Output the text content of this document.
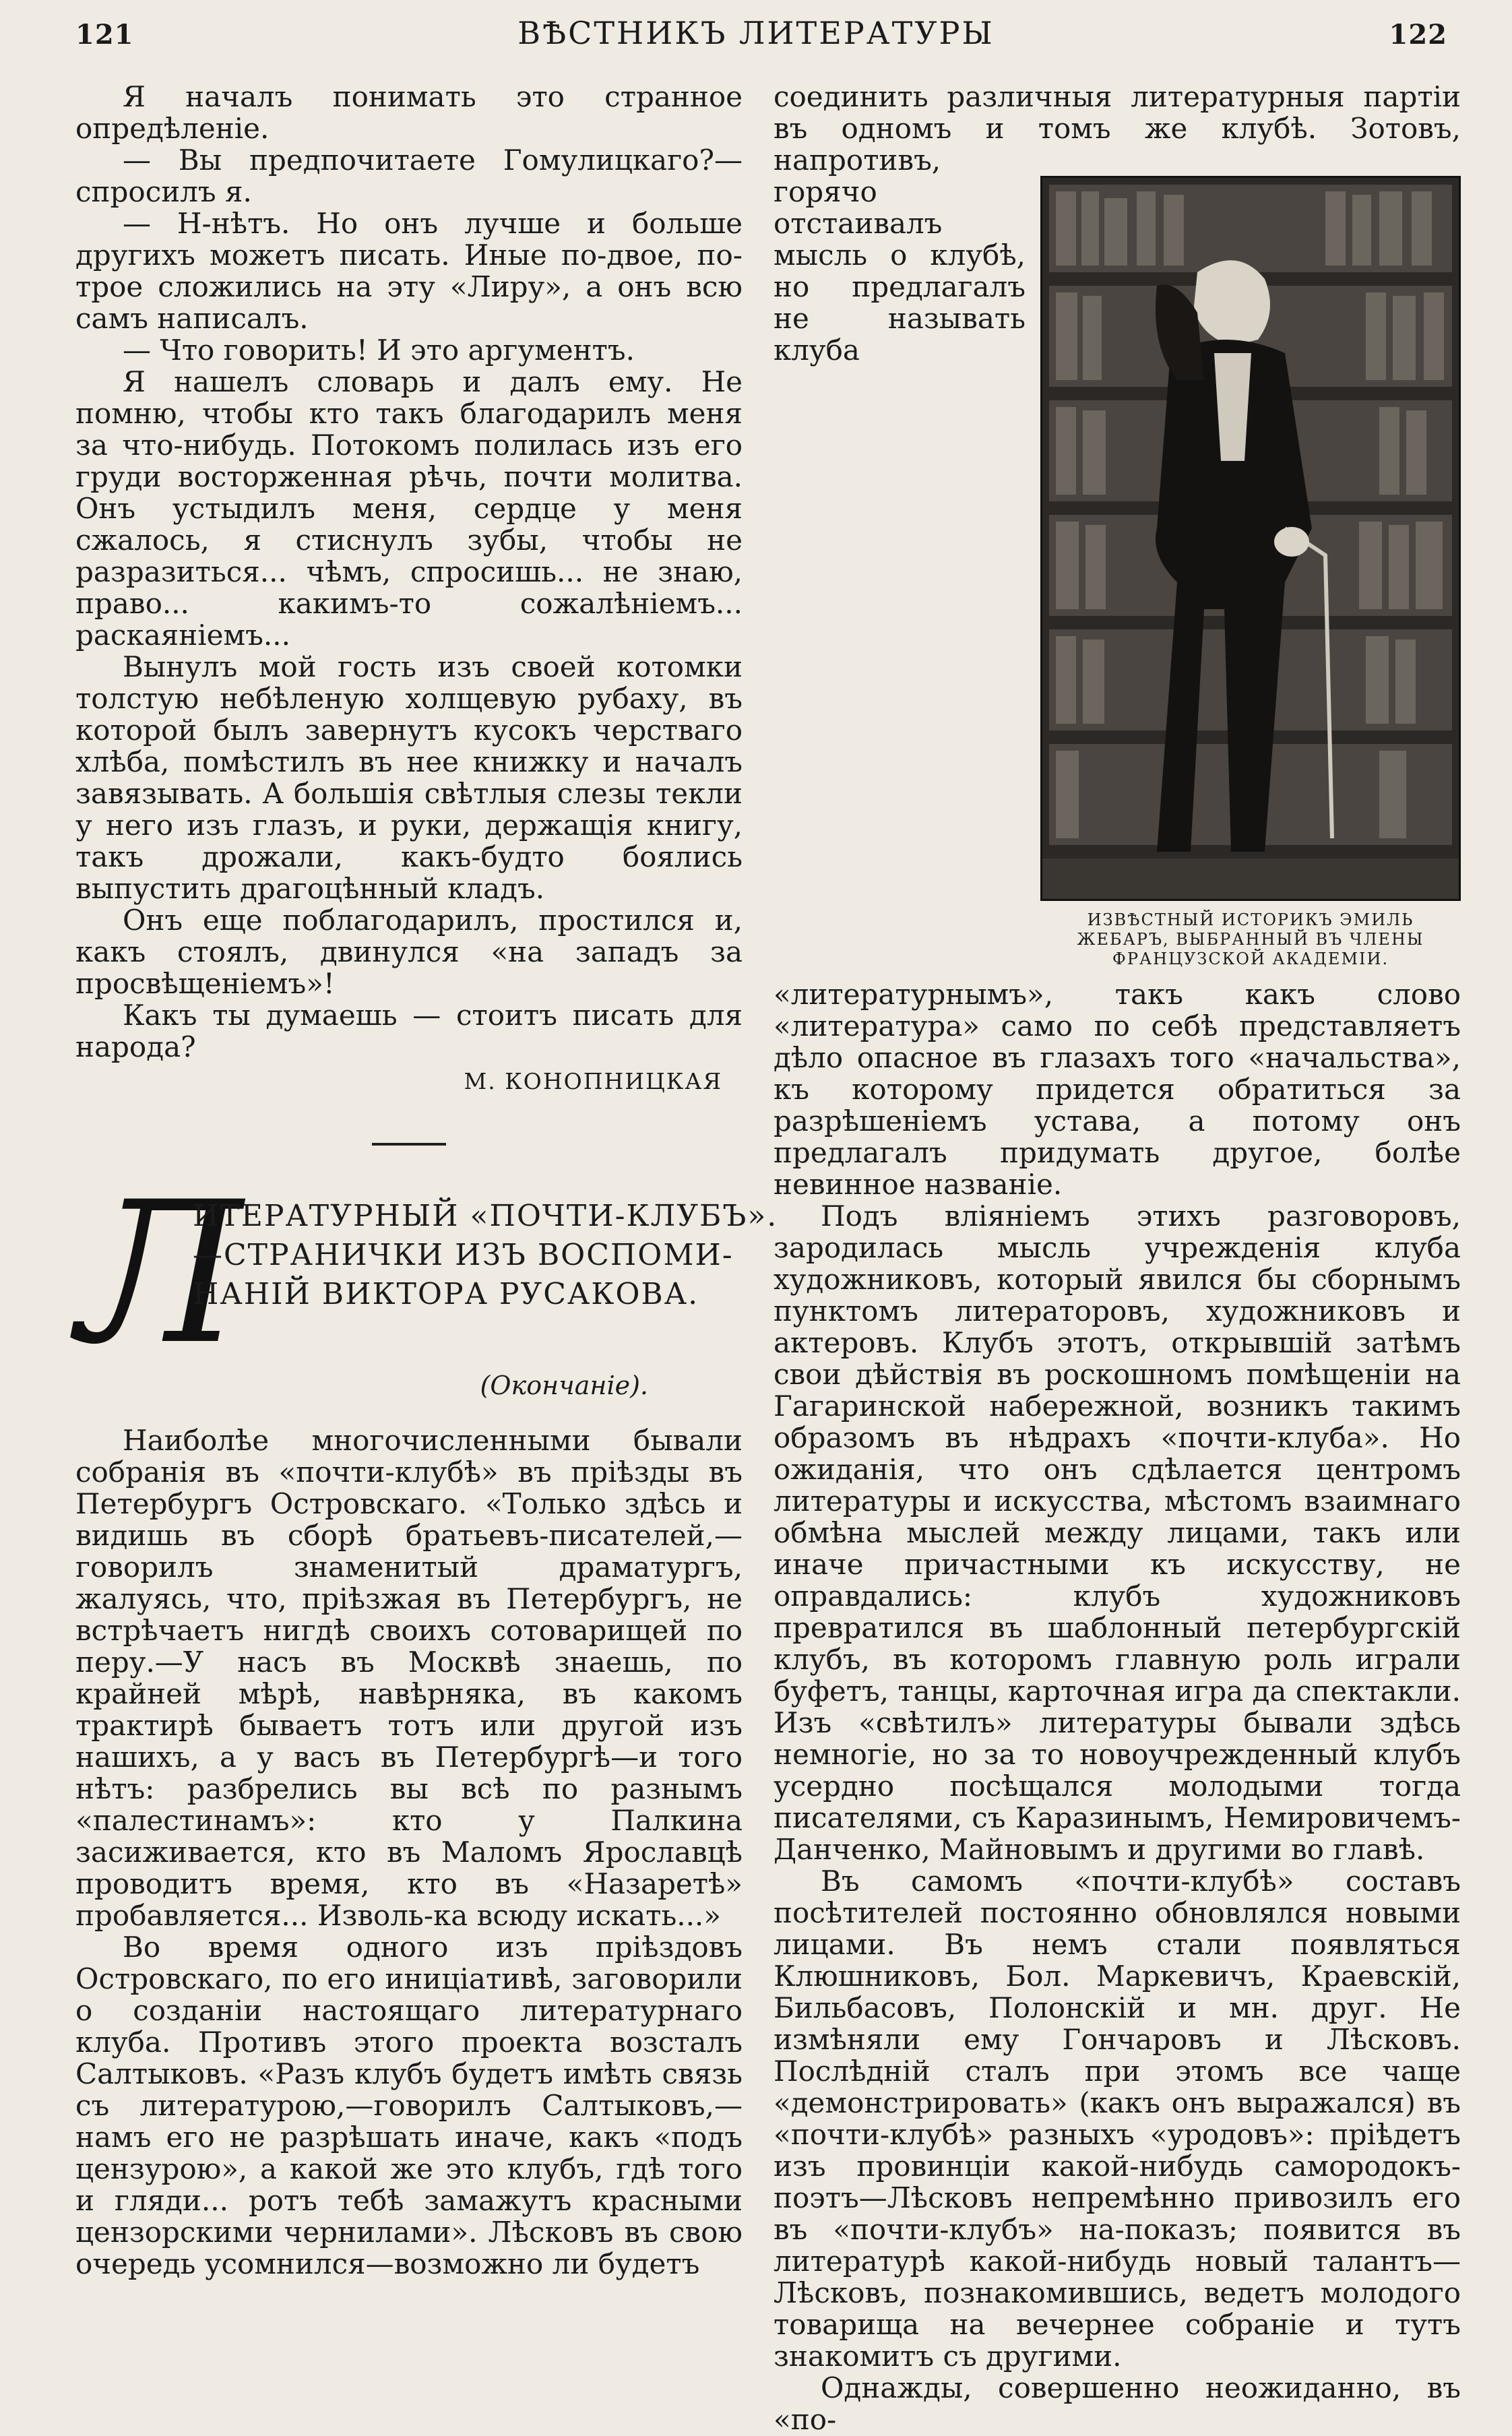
121	ВѢСТНИКЪ ЛИТЕРАТУРЫ	122

Я началъ понимать это странное опредѣленіе.

— Вы предпочитаете Гомулицкаго?—спросилъ я.

— Н-нѣтъ. Но онъ лучше и больше другихъ можетъ писать. Иные по-двое, по-трое сложились на эту «Лиру», а онъ всю самъ написалъ.

— Что говорить! И это аргументъ.

Я нашелъ словарь и далъ ему. Не помню, чтобы кто такъ благодарилъ меня за что-нибудь. Потокомъ полилась изъ его груди восторженная рѣчь, почти молитва. Онъ устыдилъ меня, сердце у меня сжалось, я стиснулъ зубы, чтобы не разразиться... чѣмъ, спросишь... не знаю, право... какимъ-то сожалѣніемъ... раскаяніемъ...

Вынулъ мой гость изъ своей котомки толстую небѣленую холщевую рубаху, въ которой былъ завернутъ кусокъ черстваго хлѣба, помѣстилъ въ нее книжку и началъ завязывать. А большія свѣтлыя слезы текли у него изъ глазъ, и руки, держащія книгу, такъ дрожали, какъ-будто боялись выпустить драгоцѣнный кладъ.

Онъ еще поблагодарилъ, простился и, какъ стоялъ, двинулся «на западъ за просвѣщеніемъ»!

Какъ ты думаешь — стоитъ писать для народа?

М. КОНОПНИЦКАЯ
Л
ИТЕРАТУРНЫЙ «ПОЧТИ-КЛУБЪ».
—СТРАНИЧКИ ИЗЪ ВОСПОМИ-
НАНІЙ ВИКТОРА РУСАКОВА.
(Окончаніе).

Наиболѣе многочисленными бывали собранія въ «почти-клубѣ» въ пріѣзды въ Петербургъ Островскаго. «Только здѣсь и видишь въ сборѣ братьевъ-писателей,—говорилъ знаменитый драматургъ, жалуясь, что, пріѣзжая въ Петербургъ, не встрѣчаетъ нигдѣ своихъ сотоварищей по перу.—У насъ въ Москвѣ знаешь, по крайней мѣрѣ, навѣрняка, въ какомъ трактирѣ бываетъ тотъ или другой изъ нашихъ, а у васъ въ Петербургѣ—и того нѣтъ: разбрелись вы всѣ по разнымъ «палестинамъ»: кто у Палкина засиживается, кто въ Маломъ Ярославцѣ проводитъ время, кто въ «Назаретѣ» пробавляется... Изволь-ка всюду искать...»

Во время одного изъ пріѣздовъ Островскаго, по его иниціативѣ, заговорили о созданіи настоящаго литературнаго клуба. Противъ этого проекта возсталъ Салтыковъ. «Разъ клубъ будетъ имѣть связь съ литературою,—говорилъ Салтыковъ,—намъ его не разрѣшать иначе, какъ «подъ цензурою», а какой же это клубъ, гдѣ того и гляди... ротъ тебѣ замажутъ красными цензорскими чернилами». Лѣсковъ въ свою очередь усомнился—возможно ли будетъ

соединить различныя литературныя партіи въ одномъ и томъ же клубѣ. Зотовъ, напротивъ,

ИЗВѢСТНЫЙ ИСТОРИКЪ ЭМИЛЬ ЖЕБАРЪ, ВЫБРАННЫЙ ВЪ ЧЛЕНЫ ФРАНЦУЗСКОЙ АКАДЕМІИ.

горячо отстаивалъ мысль о клубѣ, но предлагалъ не называть клуба «литературнымъ», такъ какъ слово «литература» само по себѣ представляетъ дѣло опасное въ глазахъ того «начальства», къ которому придется обратиться за разрѣшеніемъ устава, а потому онъ предлагалъ придумать другое, болѣе невинное названіе.

Подъ вліяніемъ этихъ разговоровъ, зародилась мысль учрежденія клуба художниковъ, который явился бы сборнымъ пунктомъ литераторовъ, художниковъ и актеровъ. Клубъ этотъ, открывшій затѣмъ свои дѣйствія въ роскошномъ помѣщеніи на Гагаринской набережной, возникъ такимъ образомъ въ нѣдрахъ «почти-клуба». Но ожиданія, что онъ сдѣлается центромъ литературы и искусства, мѣстомъ взаимнаго обмѣна мыслей между лицами, такъ или иначе причастными къ искусству, не оправдались: клубъ художниковъ превратился въ шаблонный петербургскій клубъ, въ которомъ главную роль играли буфетъ, танцы, карточная игра да спектакли. Изъ «свѣтилъ» литературы бывали здѣсь немногіе, но за то новоучрежденный клубъ усердно посѣщался молодыми тогда писателями, съ Каразинымъ, Немировичемъ-Данченко, Майновымъ и другими во главѣ.

Въ самомъ «почти-клубѣ» составъ посѣтителей постоянно обновлялся новыми лицами. Въ немъ стали появляться Клюшниковъ, Бол. Маркевичъ, Краевскій, Бильбасовъ, Полонскій и мн. друг. Не измѣняли ему Гончаровъ и Лѣсковъ. Послѣдній сталъ при этомъ все чаще «демонстрировать» (какъ онъ выражался) въ «почти-клубѣ» разныхъ «уродовъ»: пріѣдетъ изъ провинціи какой-нибудь самородокъ-поэтъ—Лѣсковъ непремѣнно привозилъ его въ «почти-клубъ» на-показъ; появится въ литературѣ какой-нибудь новый талантъ—Лѣсковъ, познакомившись, ведетъ молодого товарища на вечернее собраніе и тутъ знакомитъ съ другими.

Однажды, совершенно неожиданно, въ «по-
